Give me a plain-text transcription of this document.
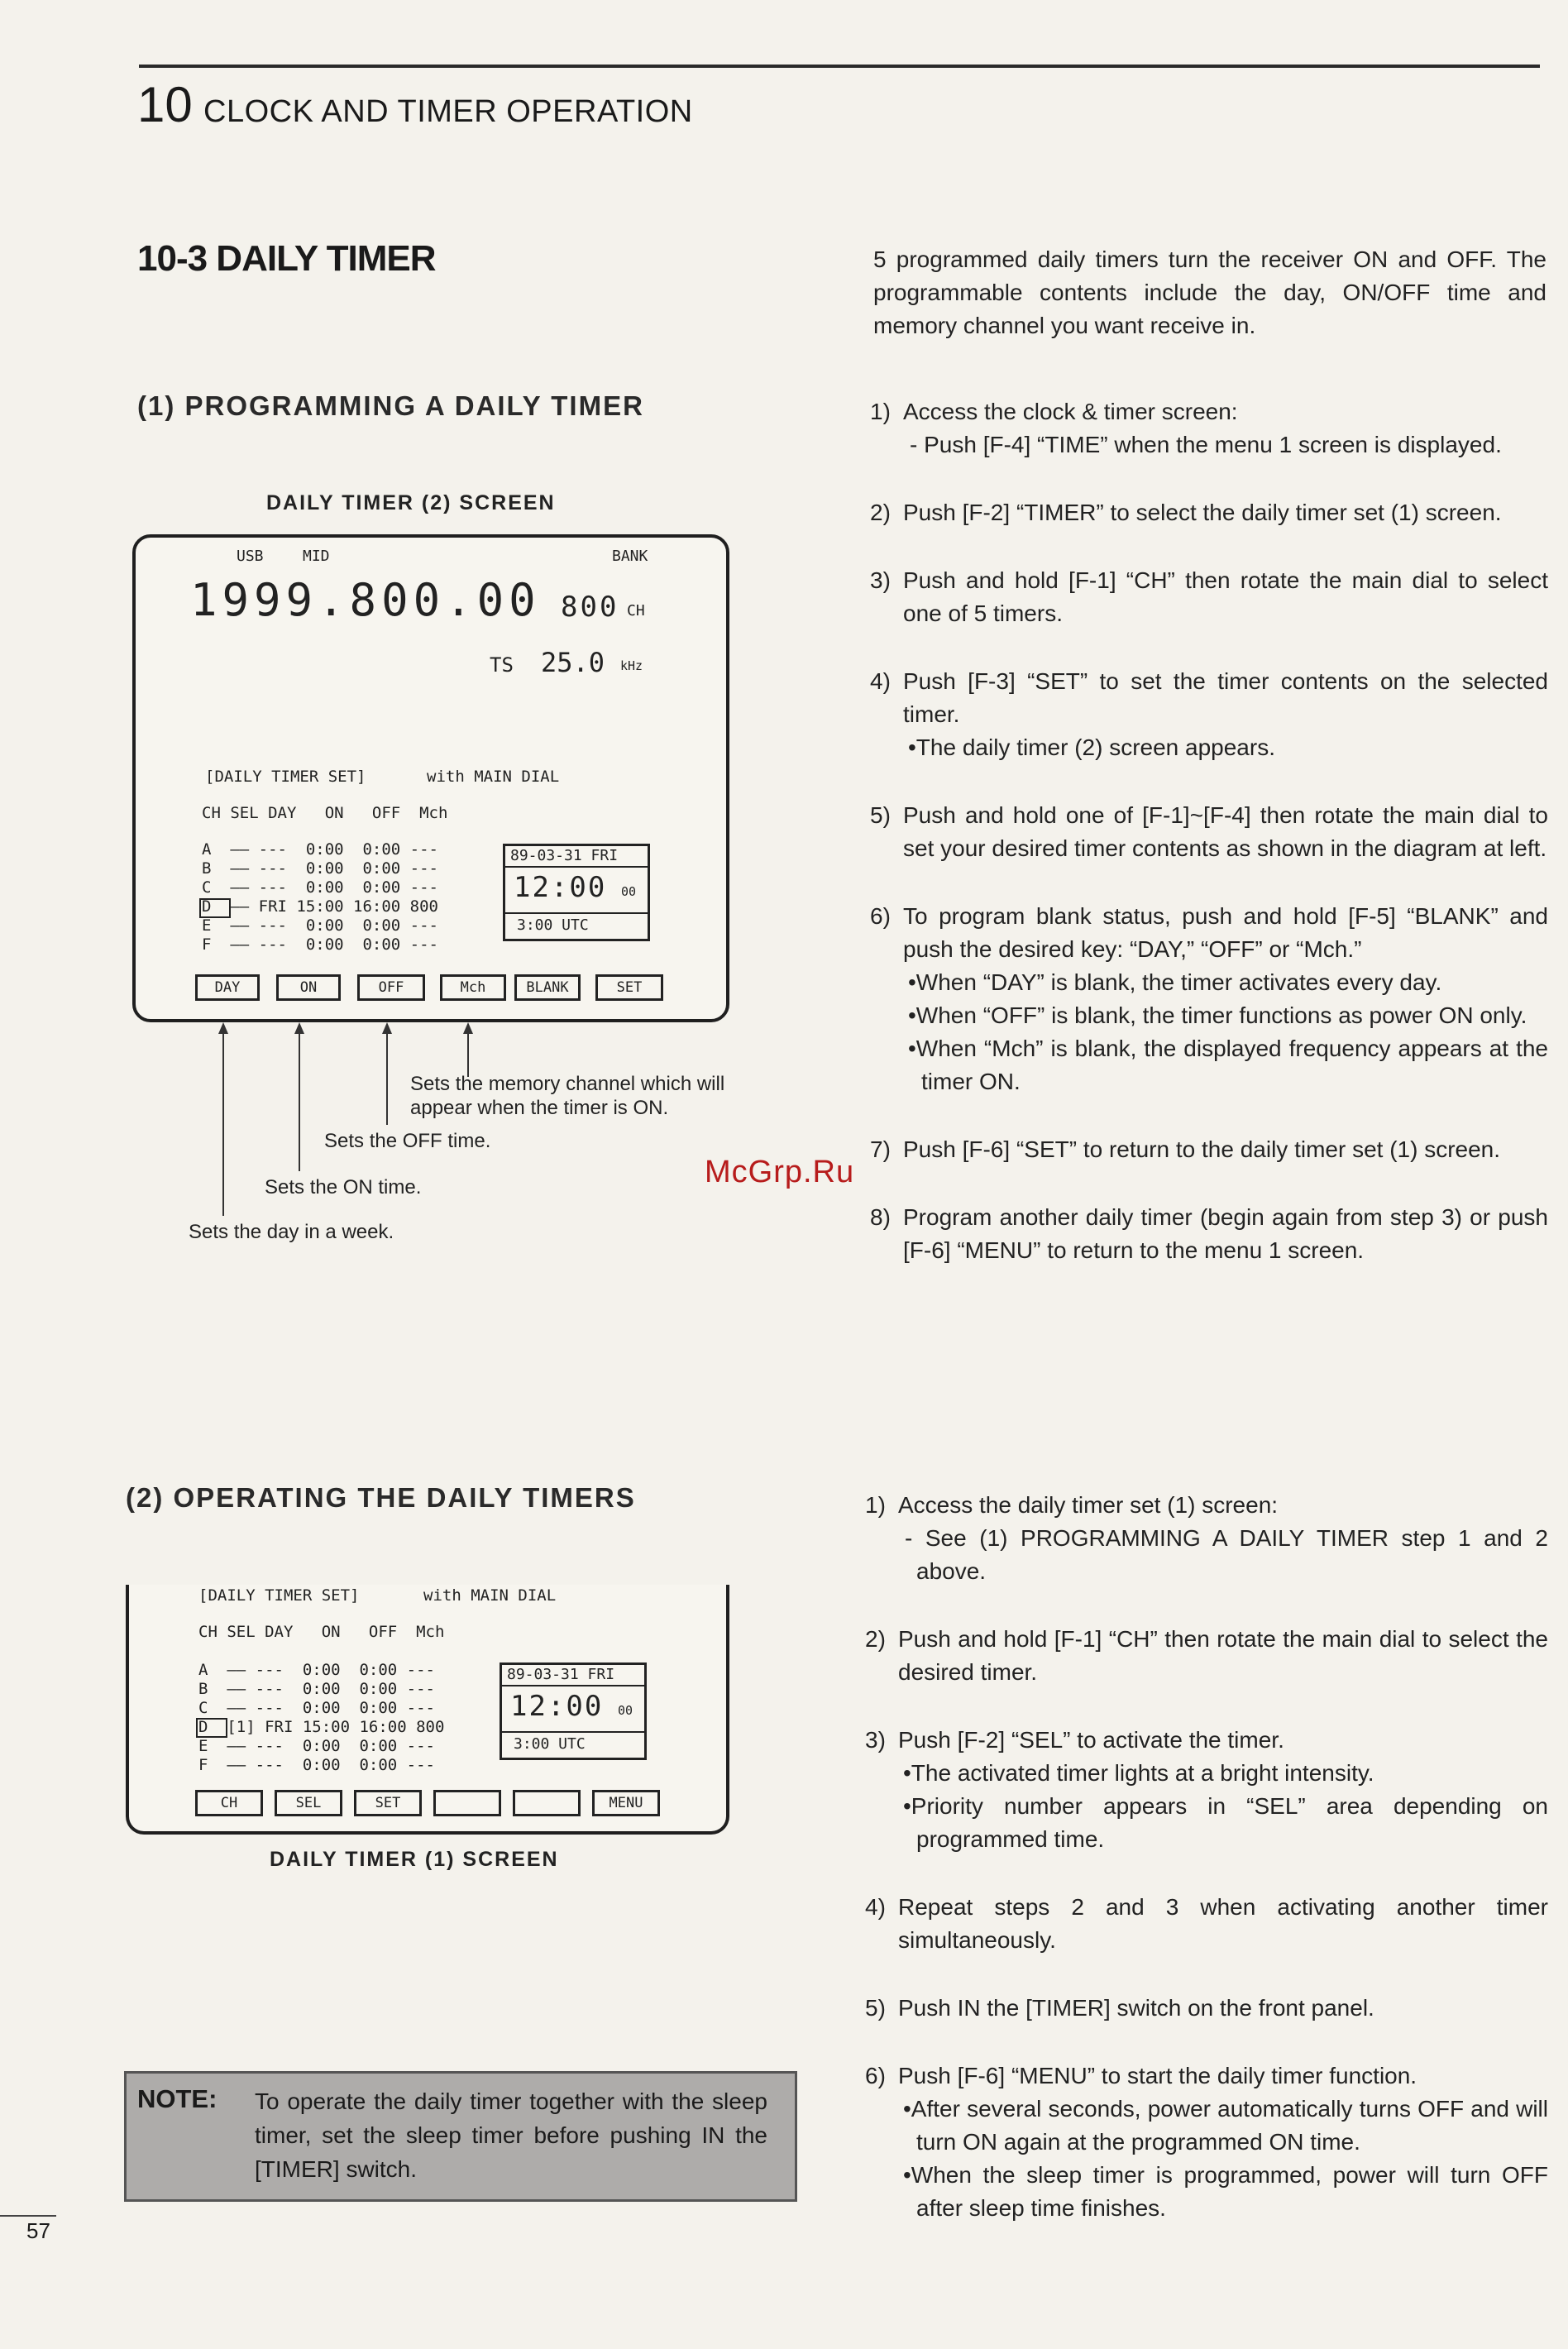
10 CLOCK AND TIMER OPERATION
10-3 DAILY TIMER
(1) PROGRAMMING A DAILY TIMER
DAILY TIMER (2) SCREEN
USB	MID	BANK
1999.800.00 800 CH
TS 25.0 kHz
[DAILY TIMER SET]	with MAIN DIAL
CH SEL DAY   ON   OFF  Mch
A  —— ---  0:00  0:00 ---
B  —— ---  0:00  0:00 ---
C  —— ---  0:00  0:00 ---
D  —— FRI 15:00 16:00 800
E  —— ---  0:00  0:00 ---
F  —— ---  0:00  0:00 ---
89-03-31 FRI
12:00 00
3:00 UTC
DAY	ON	OFF	Mch	BLANK	SET
Sets the memory channel which will appear when the timer is ON.
Sets the OFF time.
Sets the ON time.
Sets the day in a week.
(2) OPERATING THE DAILY TIMERS
[DAILY TIMER SET]	with MAIN DIAL
CH SEL DAY   ON   OFF  Mch
A  —— ---  0:00  0:00 ---
B  —— ---  0:00  0:00 ---
C  —— ---  0:00  0:00 ---
D  [1] FRI 15:00 16:00 800
E  —— ---  0:00  0:00 ---
F  —— ---  0:00  0:00 ---
89-03-31 FRI
12:00 00
3:00 UTC
CH	SEL	SET	MENU
DAILY TIMER (1) SCREEN
NOTE: To operate the daily timer together with the sleep timer, set the sleep timer before pushing IN the [TIMER] switch.
5 programmed daily timers turn the receiver ON and OFF. The programmable contents include the day, ON/OFF time and memory channel you want receive in.
1) Access the clock & timer screen:

- Push [F-4] “TIME” when the menu 1 screen is displayed.

2) Push [F-2] “TIMER” to select the daily timer set (1) screen.

3) Push and hold [F-1] “CH” then rotate the main dial to select one of 5 timers.

4) Push [F-3] “SET” to set the timer contents on the selected timer.

•The daily timer (2) screen appears.

5) Push and hold one of [F-1]~[F-4] then rotate the main dial to set your desired timer contents as shown in the diagram at left.

6) To program blank status, push and hold [F-5] “BLANK” and push the desired key: “DAY,” “OFF” or “Mch.”

•When “DAY” is blank, the timer activates every day.

•When “OFF” is blank, the timer functions as power ON only.

•When “Mch” is blank, the displayed frequency appears at the timer ON.

7) Push [F-6] “SET” to return to the daily timer set (1) screen.

8) Program another daily timer (begin again from step 3) or push [F-6] “MENU” to return to the menu 1 screen.

1) Access the daily timer set (1) screen:

- See (1) PROGRAMMING A DAILY TIMER step 1 and 2 above.

2) Push and hold [F-1] “CH” then rotate the main dial to select the desired timer.

3) Push [F-2] “SEL” to activate the timer.

•The activated timer lights at a bright intensity.

•Priority number appears in “SEL” area depending on programmed time.

4) Repeat steps 2 and 3 when activating another timer simultaneously.

5) Push IN the [TIMER] switch on the front panel.

6) Push [F-6] “MENU” to start the daily timer function.

•After several seconds, power automatically turns OFF and will turn ON again at the programmed ON time.

•When the sleep timer is programmed, power will turn OFF after sleep time finishes.

McGrp.Ru
57
